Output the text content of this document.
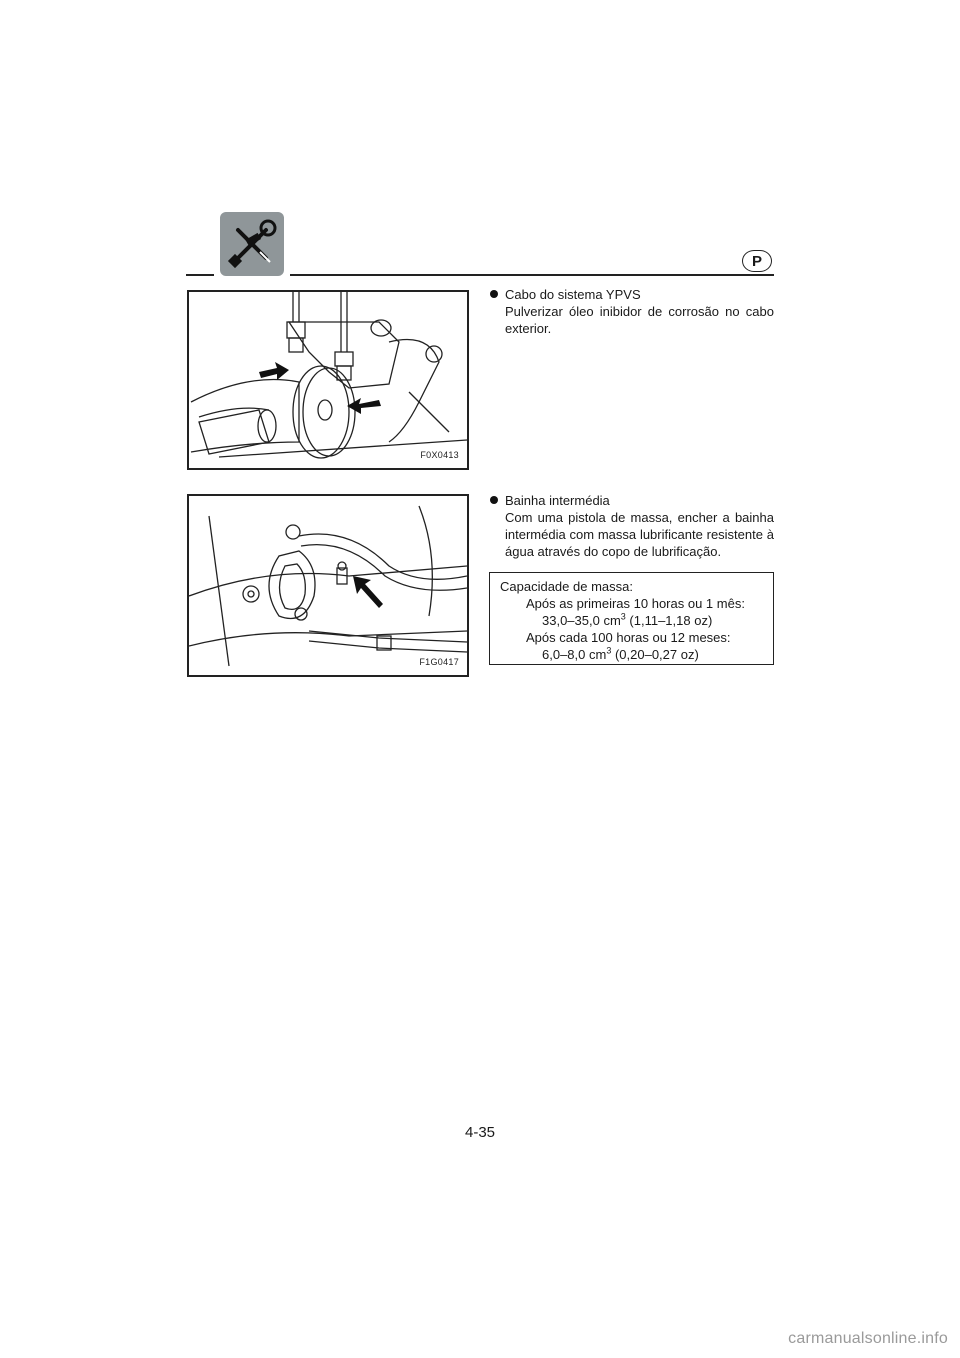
P
F0X0413
Cabo do sistema YPVS
Pulverizar óleo inibidor de corrosão no cabo exterior.
F1G0417
Bainha intermédia
Com uma pistola de massa, encher a bainha intermédia com massa lubrificante resistente à água através do copo de lubrificação.
Capacidade de massa:
Após as primeiras 10 horas ou 1 mês:
33,0–35,0 $cm^3$ (1,11–1,18 oz)
Após cada 100 horas ou 12 meses:
6,0–8,0 $cm^3$ (0,20–0,27 oz)
4-35
carmanualsonline.info
